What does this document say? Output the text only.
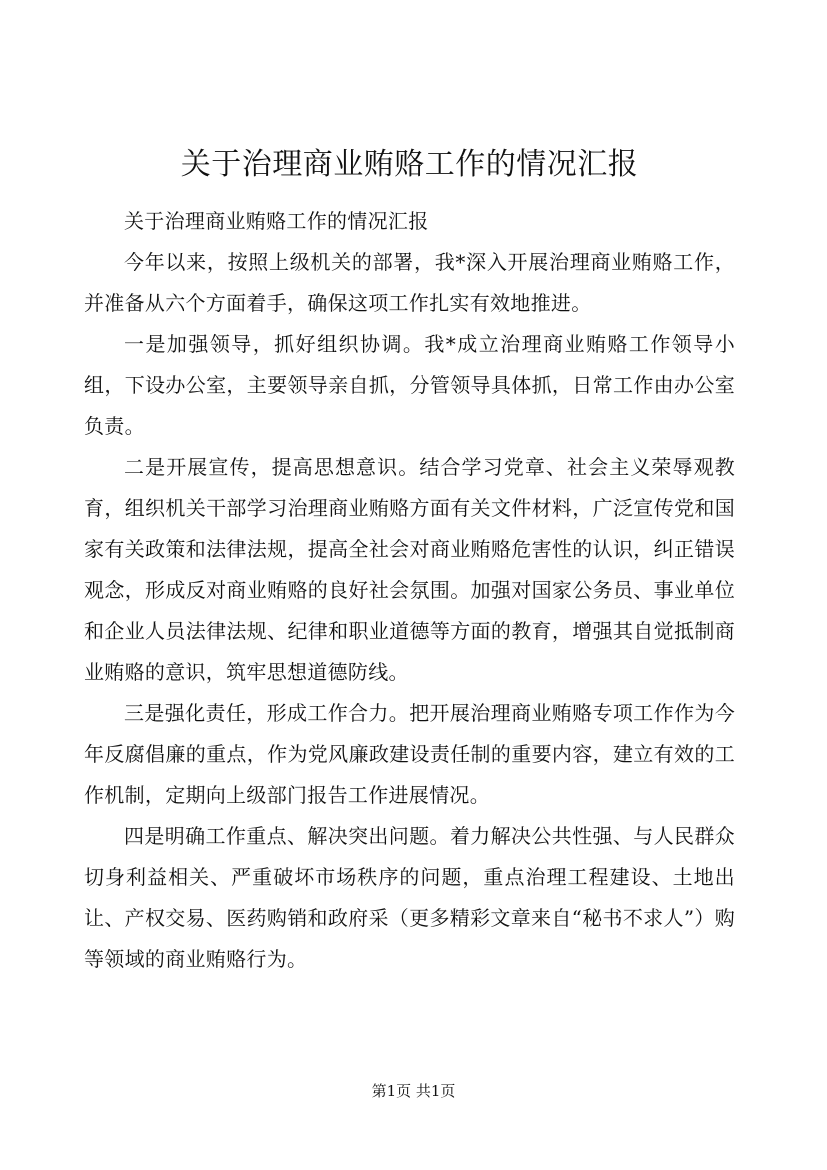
关于治理商业贿赂工作的情况汇报

关于治理商业贿赂工作的情况汇报

今年以来，按照上级机关的部署，我*深入开展治理商业贿赂工作，并准备从六个方面着手，确保这项工作扎实有效地推进。

一是加强领导，抓好组织协调。我*成立治理商业贿赂工作领导小组，下设办公室，主要领导亲自抓，分管领导具体抓，日常工作由办公室负责。

二是开展宣传，提高思想意识。结合学习党章、社会主义荣辱观教育，组织机关干部学习治理商业贿赂方面有关文件材料，广泛宣传党和国家有关政策和法律法规，提高全社会对商业贿赂危害性的认识，纠正错误观念，形成反对商业贿赂的良好社会氛围。加强对国家公务员、事业单位和企业人员法律法规、纪律和职业道德等方面的教育，增强其自觉抵制商业贿赂的意识，筑牢思想道德防线。

三是强化责任，形成工作合力。把开展治理商业贿赂专项工作作为今年反腐倡廉的重点，作为党风廉政建设责任制的重要内容，建立有效的工作机制，定期向上级部门报告工作进展情况。

四是明确工作重点、解决突出问题。着力解决公共性强、与人民群众切身利益相关、严重破坏市场秩序的问题，重点治理工程建设、土地出让、产权交易、医药购销和政府采（更多精彩文章来自“秘书不求人”）购等领域的商业贿赂行为。

第1页 共1页
